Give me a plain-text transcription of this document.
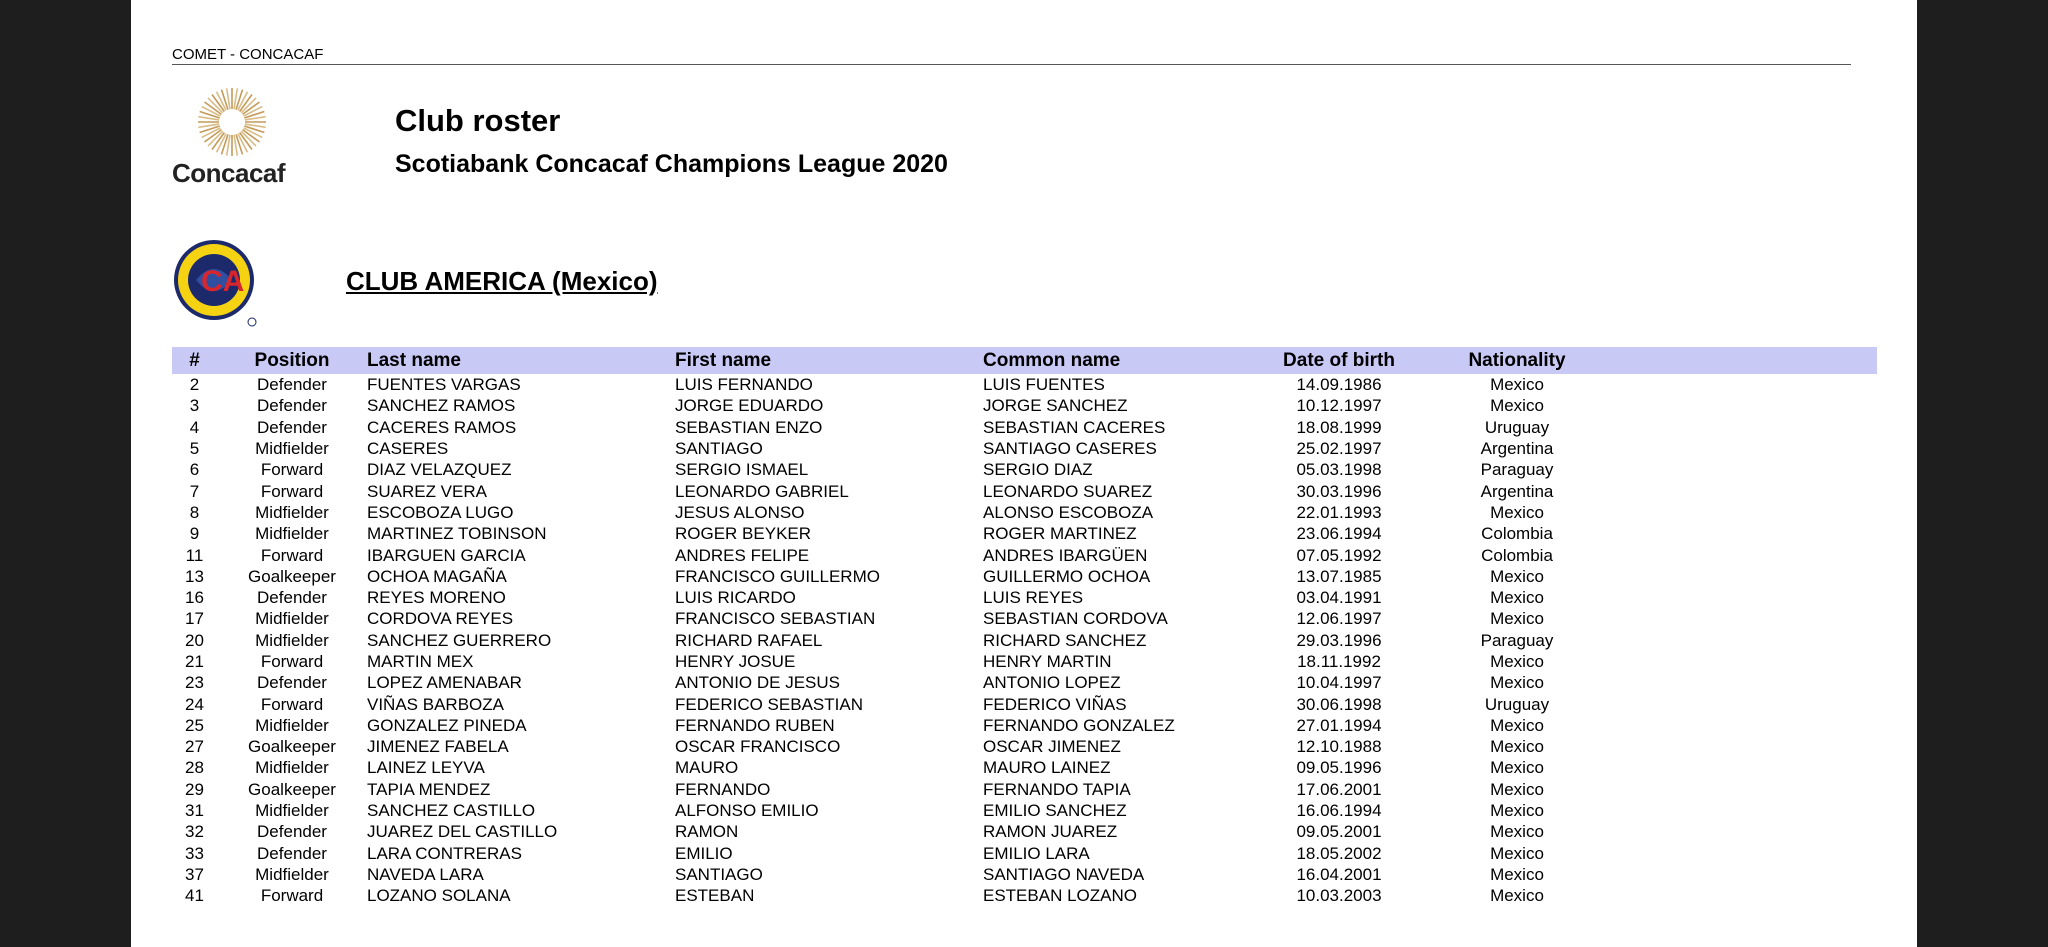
COMET - CONCACAF
Concacaf
Club roster
Scotiabank Concacaf Champions League 2020
CA	CLUB AMERICA (Mexico)
#	Position	Last name	First name	Common name	Date of birth	Nationality	
2	Defender	FUENTES VARGAS	LUIS FERNANDO	LUIS FUENTES	14.09.1986	Mexico	
3	Defender	SANCHEZ RAMOS	JORGE EDUARDO	JORGE SANCHEZ	10.12.1997	Mexico	
4	Defender	CACERES RAMOS	SEBASTIAN ENZO	SEBASTIAN CACERES	18.08.1999	Uruguay	
5	Midfielder	CASERES	SANTIAGO	SANTIAGO CASERES	25.02.1997	Argentina	
6	Forward	DIAZ VELAZQUEZ	SERGIO ISMAEL	SERGIO DIAZ	05.03.1998	Paraguay	
7	Forward	SUAREZ VERA	LEONARDO GABRIEL	LEONARDO SUAREZ	30.03.1996	Argentina	
8	Midfielder	ESCOBOZA LUGO	JESUS ALONSO	ALONSO ESCOBOZA	22.01.1993	Mexico	
9	Midfielder	MARTINEZ TOBINSON	ROGER BEYKER	ROGER MARTINEZ	23.06.1994	Colombia	
11	Forward	IBARGUEN GARCIA	ANDRES FELIPE	ANDRES IBARGÜEN	07.05.1992	Colombia	
13	Goalkeeper	OCHOA MAGAÑA	FRANCISCO GUILLERMO	GUILLERMO OCHOA	13.07.1985	Mexico	
16	Defender	REYES MORENO	LUIS RICARDO	LUIS REYES	03.04.1991	Mexico	
17	Midfielder	CORDOVA REYES	FRANCISCO SEBASTIAN	SEBASTIAN CORDOVA	12.06.1997	Mexico	
20	Midfielder	SANCHEZ GUERRERO	RICHARD RAFAEL	RICHARD SANCHEZ	29.03.1996	Paraguay	
21	Forward	MARTIN MEX	HENRY JOSUE	HENRY MARTIN	18.11.1992	Mexico	
23	Defender	LOPEZ AMENABAR	ANTONIO DE JESUS	ANTONIO LOPEZ	10.04.1997	Mexico	
24	Forward	VIÑAS BARBOZA	FEDERICO SEBASTIAN	FEDERICO VIÑAS	30.06.1998	Uruguay	
25	Midfielder	GONZALEZ PINEDA	FERNANDO RUBEN	FERNANDO GONZALEZ	27.01.1994	Mexico	
27	Goalkeeper	JIMENEZ FABELA	OSCAR FRANCISCO	OSCAR JIMENEZ	12.10.1988	Mexico	
28	Midfielder	LAINEZ LEYVA	MAURO	MAURO LAINEZ	09.05.1996	Mexico	
29	Goalkeeper	TAPIA MENDEZ	FERNANDO	FERNANDO TAPIA	17.06.2001	Mexico	
31	Midfielder	SANCHEZ CASTILLO	ALFONSO EMILIO	EMILIO SANCHEZ	16.06.1994	Mexico	
32	Defender	JUAREZ DEL CASTILLO	RAMON	RAMON JUAREZ	09.05.2001	Mexico	
33	Defender	LARA CONTRERAS	EMILIO	EMILIO LARA	18.05.2002	Mexico	
37	Midfielder	NAVEDA LARA	SANTIAGO	SANTIAGO NAVEDA	16.04.2001	Mexico	
41	Forward	LOZANO SOLANA	ESTEBAN	ESTEBAN LOZANO	10.03.2003	Mexico	
